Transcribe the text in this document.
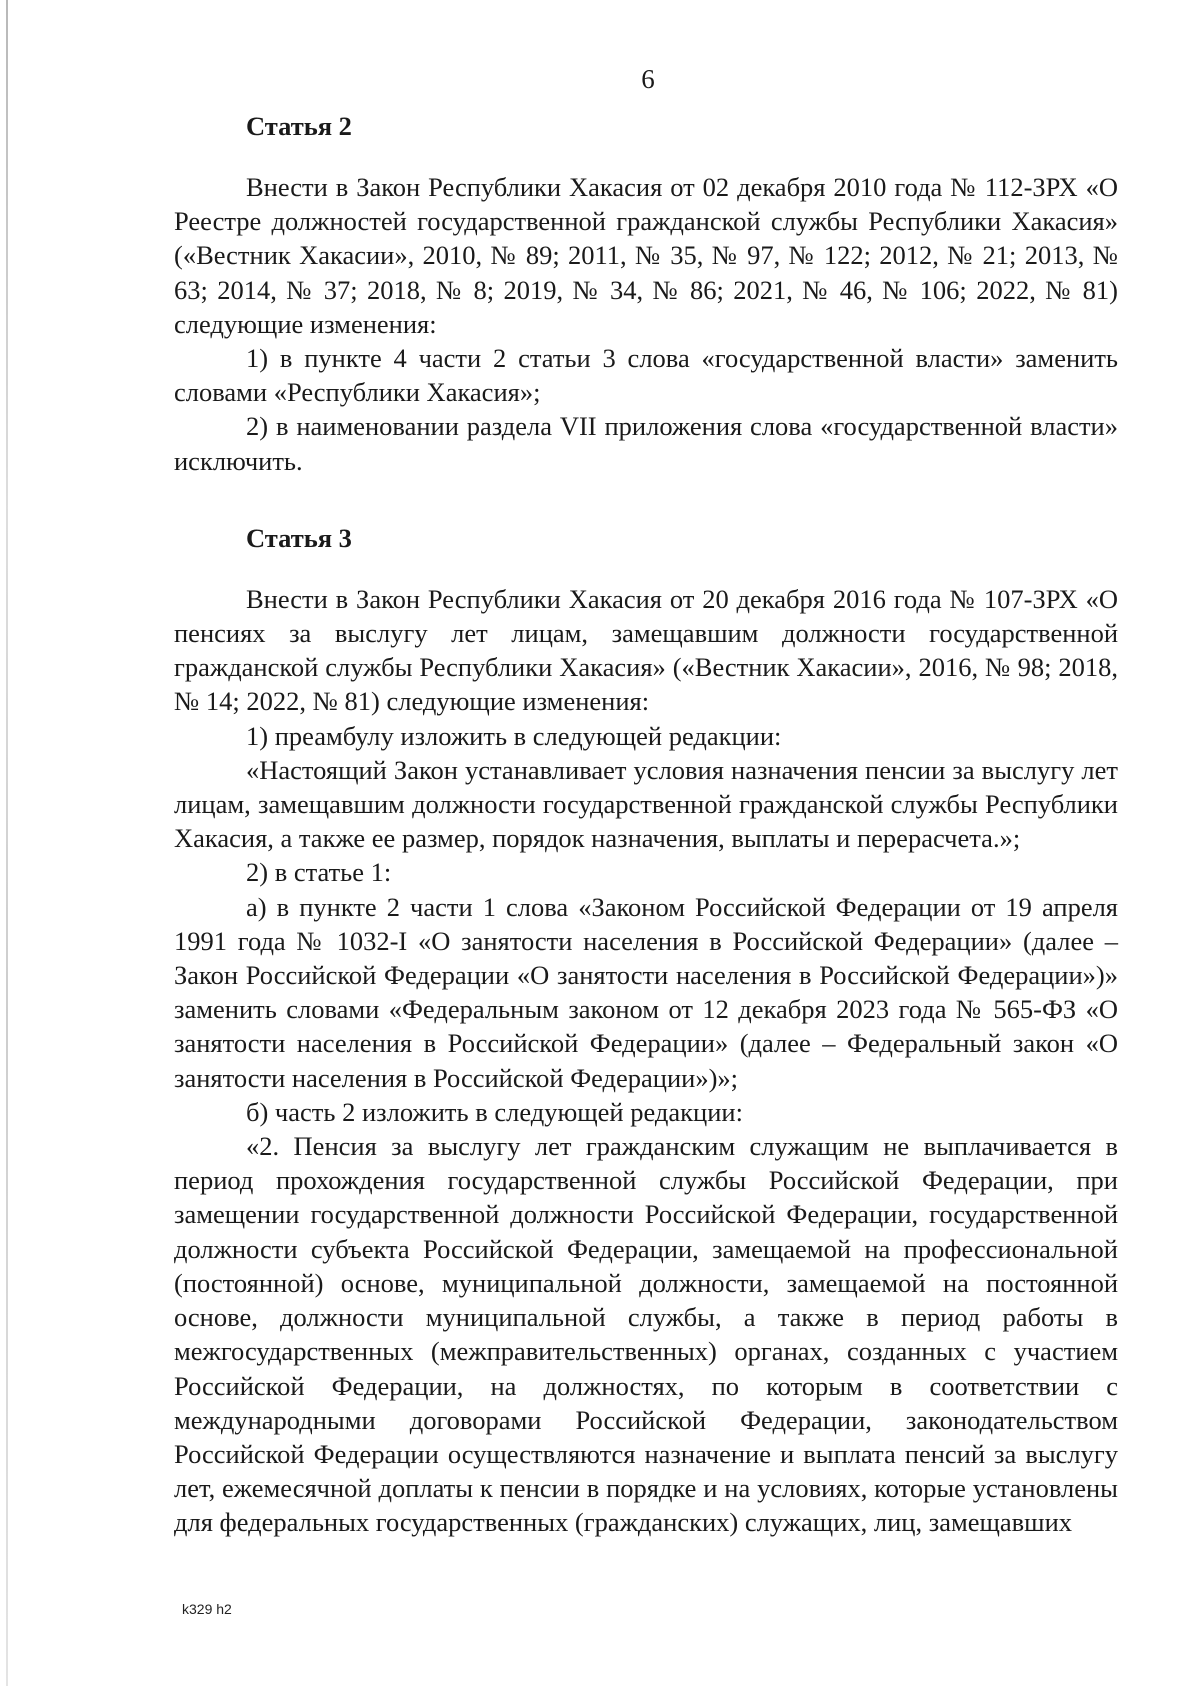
6
Статья 2

Внести в Закон Республики Хакасия от 02 декабря 2010 года № 112-ЗРХ «О Реестре должностей государственной гражданской службы Республики Хакасия» («Вестник Хакасии», 2010, № 89; 2011, № 35, № 97, № 122; 2012, № 21; 2013, № 63; 2014, № 37; 2018, № 8; 2019, № 34, № 86; 2021, № 46, № 106; 2022, № 81) следующие изменения:

1) в пункте 4 части 2 статьи 3 слова «государственной власти» заменить словами «Республики Хакасия»;

2) в наименовании раздела VII приложения слова «государственной власти» исключить.

Статья 3

Внести в Закон Республики Хакасия от 20 декабря 2016 года № 107-ЗРХ «О пенсиях за выслугу лет лицам, замещавшим должности государственной гражданской службы Республики Хакасия» («Вестник Хакасии», 2016, № 98; 2018, № 14; 2022, № 81) следующие изменения:

1) преамбулу изложить в следующей редакции:

«Настоящий Закон устанавливает условия назначения пенсии за выслугу лет лицам, замещавшим должности государственной гражданской службы Республики Хакасия, а также ее размер, порядок назначения, выплаты и перерасчета.»;

2) в статье 1:

а) в пункте 2 части 1 слова «Законом Российской Федерации от 19 апреля 1991 года № 1032-I «О занятости населения в Российской Федерации» (далее – Закон Российской Федерации «О занятости населения в Российской Федерации»)» заменить словами «Федеральным законом от 12 декабря 2023 года № 565-ФЗ «О занятости населения в Российской Федерации» (далее – Федеральный закон «О занятости населения в Российской Федерации»)»;

б) часть 2 изложить в следующей редакции:

«2. Пенсия за выслугу лет гражданским служащим не выплачивается в период прохождения государственной службы Российской Федерации, при замещении государственной должности Российской Федерации, государственной должности субъекта Российской Федерации, замещаемой на профессиональной (постоянной) основе, муниципальной должности, замещаемой на постоянной основе, должности муниципальной службы, а также в период работы в межгосударственных (межправительственных) органах, созданных с участием Российской Федерации, на должностях, по которым в соответствии с международными договорами Российской Федерации, законодательством Российской Федерации осуществляются назначение и выплата пенсий за выслугу лет, ежемесячной доплаты к пенсии в порядке и на условиях, которые установлены для федеральных государственных (гражданских) служащих, лиц, замещавших

k329 h2
